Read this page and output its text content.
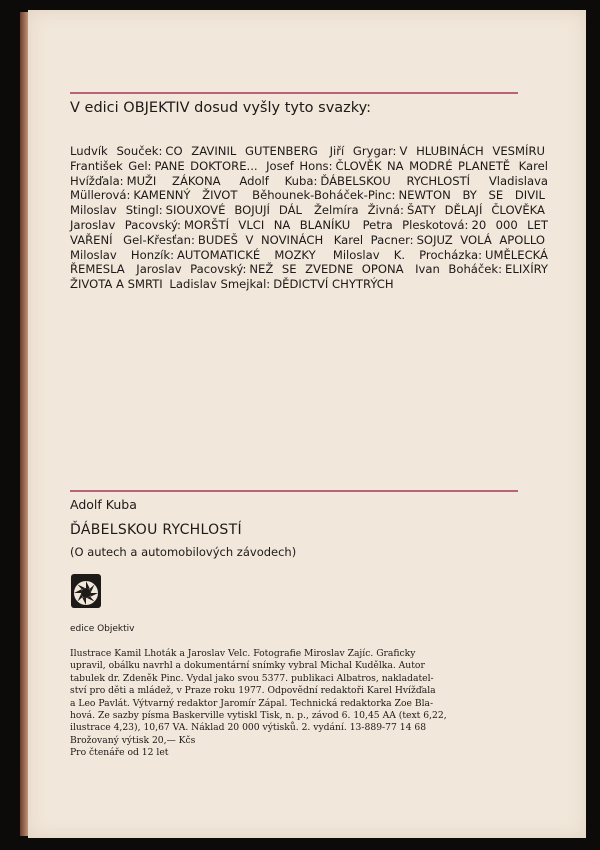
V edici OBJEKTIV dosud vyšly tyto svazky:
Ludvík Souček: CO ZAVINIL GUTENBERG Jiří Grygar: V HLUBINÁCH VESMÍRU František Gel: PANE DOKTORE... Josef Hons: ČLOVĚK NA MODRÉ PLANETĚ Karel Hvížďala: MUŽI ZÁKONA Adolf Kuba: ĎÁBELSKOU RYCHLOSTÍ Vladislava Müllerová: KAMENNÝ ŽIVOT Běhounek-Boháček-Pinc: NEWTON BY SE DIVIL Miloslav Stingl: SIOUXOVÉ BOJUJÍ DÁL Želmíra Živná: ŠATY DĚLAJÍ ČLOVĚKA Jaroslav Pacovský: MORŠTÍ VLCI NA BLANÍKU Petra Pleskotová: 20 000 LET VAŘENÍ Gel-Křesťan: BUDEŠ V NOVINÁCH Karel Pacner: SOJUZ VOLÁ APOLLO Miloslav Honzík: AUTOMATICKÉ MOZKY Miloslav K. Procházka: UMĚLECKÁ ŘEMESLA Jaroslav Pacovský: NEŽ SE ZVEDNE OPONA Ivan Boháček: ELIXÍRY ŽIVOTA A SMRTI Ladislav Smejkal: DĚDICTVÍ CHYTRÝCH
Adolf Kuba
ĎÁBELSKOU RYCHLOSTÍ
(O autech a automobilových závodech)
edice Objektiv
Ilustrace Kamil Lhoták a Jaroslav Velc. Fotografie Miroslav Zajíc. Graficky
upravil, obálku navrhl a dokumentární snímky vybral Michal Kudělka. Autor
tabulek dr. Zdeněk Pinc. Vydal jako svou 5377. publikaci Albatros, nakladatel-
ství pro děti a mládež, v Praze roku 1977. Odpovědní redaktoři Karel Hvížďala
a Leo Pavlát. Výtvarný redaktor Jaromír Zápal. Technická redaktorka Zoe Bla-
hová. Ze sazby písma Baskerville vytiskl Tisk, n. p., závod 6. 10,45 AA (text 6,22,
ilustrace 4,23), 10,67 VA. Náklad 20 000 výtisků. 2. vydání. 13-889-77 14 68
Brožovaný výtisk 20,— Kčs
Pro čtenáře od 12 let
